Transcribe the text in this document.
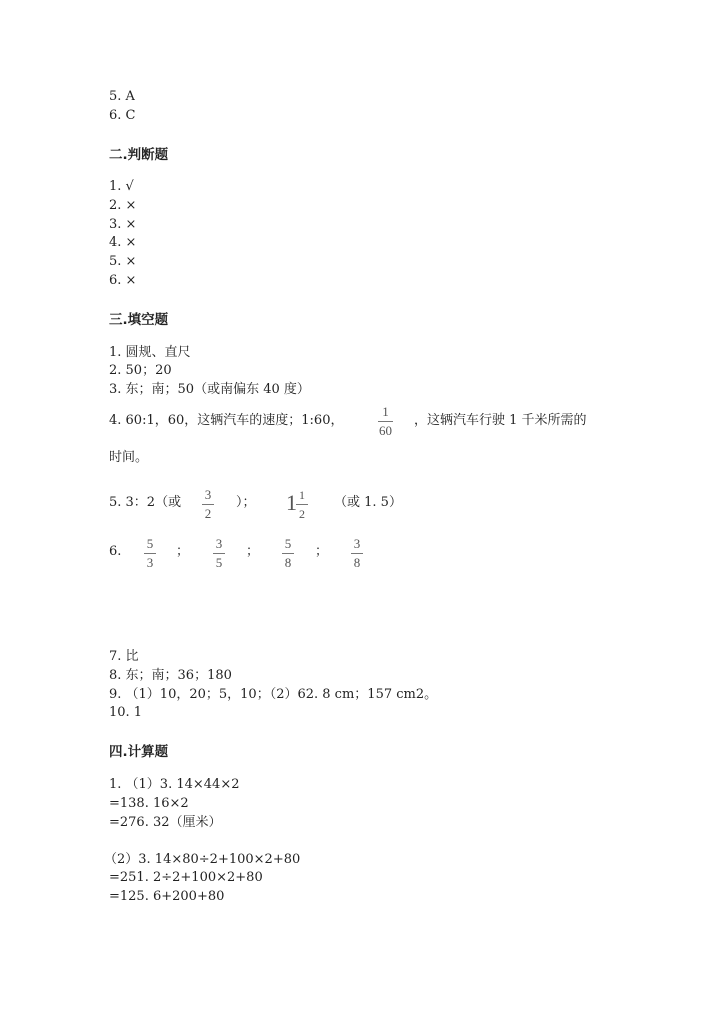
5. A
6. C
二.判断题
1. √
2. ×
3. ×
4. ×
5. ×
6. ×
三.填空题
1. 圆规、直尺
2. 50；20
3. 东；南；50（或南偏东 40 度）
4. 60:1，60，这辆汽车的速度；1:60，
1
60
，这辆汽车行驶 1 千米所需的
时间。
5. 3：2（或
3
2
）； 1 1
2
（或 1. 5）
6.
5
3
；
3
5
；
5
8
；
3
8
7. 比
8. 东；南；36；180
9. （1）10，20；5，10；（2）62. 8 cm；157 cm2。
10. 1
四.计算题
1. （1）3. 14×44×2
=138. 16×2
=276. 32（厘米）
（2）3. 14×80÷2+100×2+80
=251. 2÷2+100×2+80
=125. 6+200+80
